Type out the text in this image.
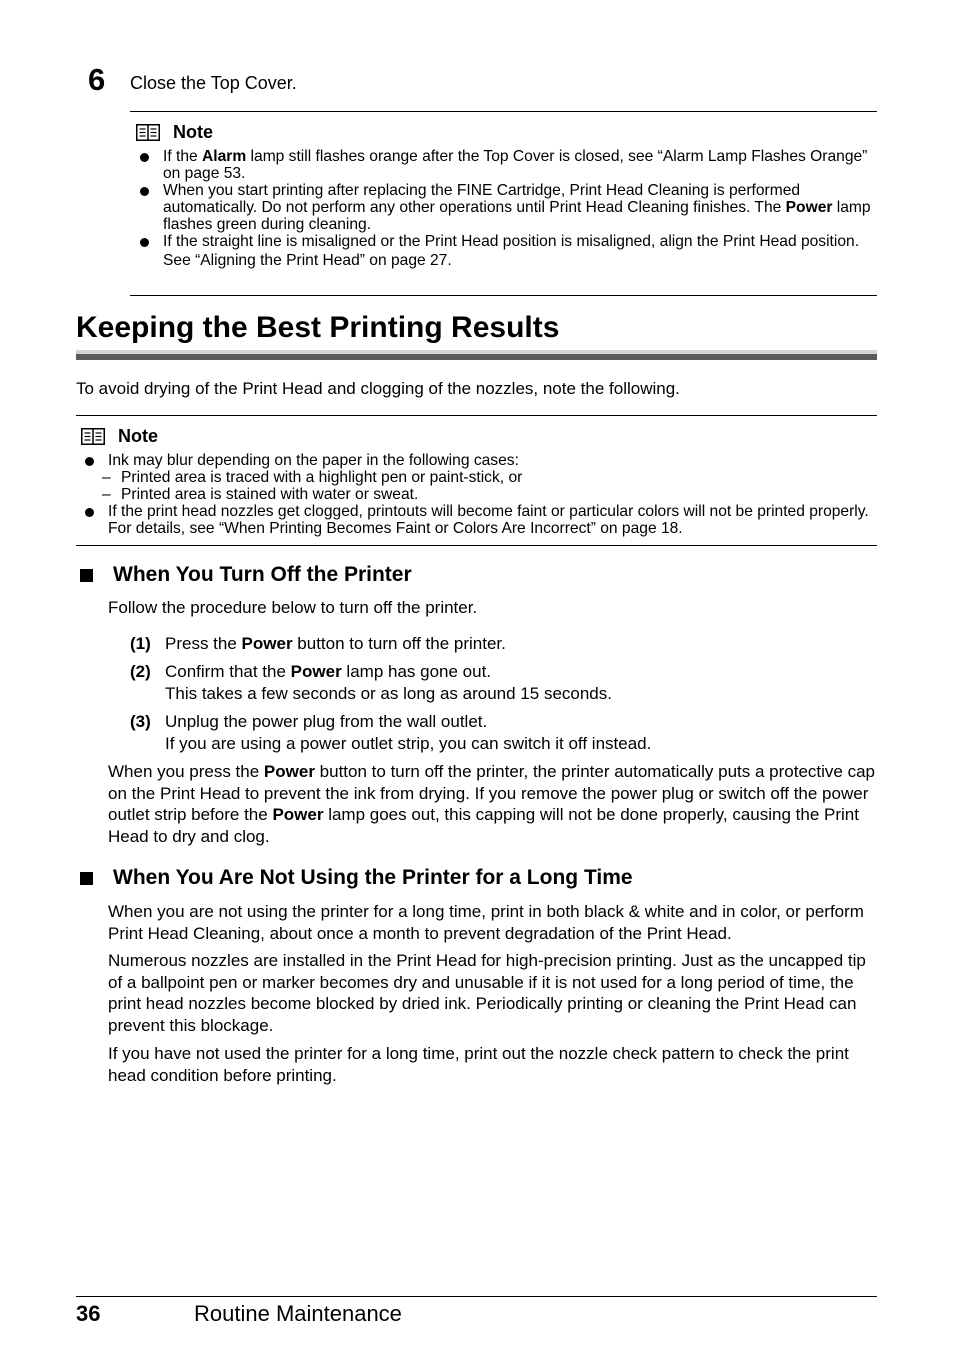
6 Close the Top Cover.
Note
If the Alarm lamp still flashes orange after the Top Cover is closed, see “Alarm Lamp Flashes Orange” on page 53.
When you start printing after replacing the FINE Cartridge, Print Head Cleaning is performed automatically. Do not perform any other operations until Print Head Cleaning finishes. The Power lamp flashes green during cleaning.
If the straight line is misaligned or the Print Head position is misaligned, align the Print Head position.
See “Aligning the Print Head” on page 27.
Keeping the Best Printing Results
To avoid drying of the Print Head and clogging of the nozzles, note the following.
Note
Ink may blur depending on the paper in the following cases:
– Printed area is traced with a highlight pen or paint-stick, or
– Printed area is stained with water or sweat.
If the print head nozzles get clogged, printouts will become faint or particular colors will not be printed properly. For details, see “When Printing Becomes Faint or Colors Are Incorrect” on page 18.
When You Turn Off the Printer
Follow the procedure below to turn off the printer.
(1) Press the Power button to turn off the printer.
(2) Confirm that the Power lamp has gone out.
This takes a few seconds or as long as around 15 seconds.
(3) Unplug the power plug from the wall outlet.
If you are using a power outlet strip, you can switch it off instead.
When you press the Power button to turn off the printer, the printer automatically puts a protective cap on the Print Head to prevent the ink from drying. If you remove the power plug or switch off the power outlet strip before the Power lamp goes out, this capping will not be done properly, causing the Print Head to dry and clog.
When You Are Not Using the Printer for a Long Time
When you are not using the printer for a long time, print in both black & white and in color, or perform Print Head Cleaning, about once a month to prevent degradation of the Print Head.
Numerous nozzles are installed in the Print Head for high-precision printing. Just as the uncapped tip of a ballpoint pen or marker becomes dry and unusable if it is not used for a long period of time, the print head nozzles become blocked by dried ink. Periodically printing or cleaning the Print Head can prevent this blockage.
If you have not used the printer for a long time, print out the nozzle check pattern to check the print head condition before printing.
36	Routine Maintenance
